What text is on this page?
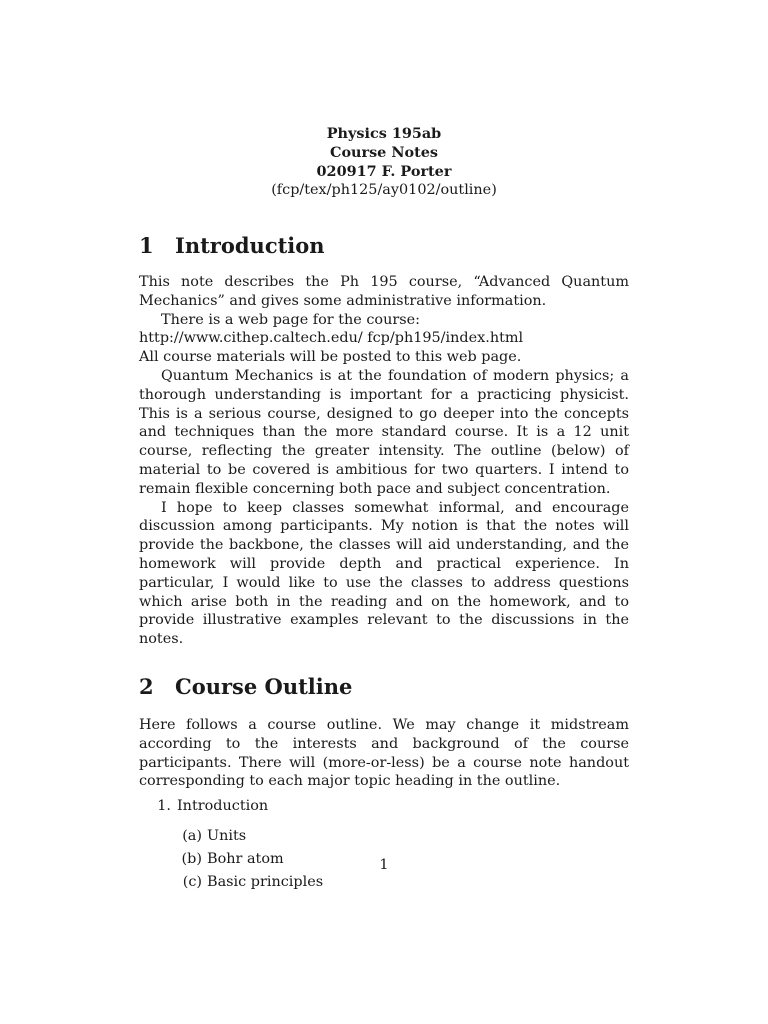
Physics 195ab
Course Notes
020917 F. Porter
(fcp/tex/ph125/ay0102/outline)
1	Introduction

This note describes the Ph 195 course, “Advanced Quantum Mechanics” and gives some administrative information.

There is a web page for the course:

http://www.cithep.caltech.edu/ fcp/ph195/index.html
All course materials will be posted to this web page.

Quantum Mechanics is at the foundation of modern physics; a thorough understanding is important for a practicing physicist. This is a serious course, designed to go deeper into the concepts and techniques than the more standard course. It is a 12 unit course, reflecting the greater intensity. The outline (below) of material to be covered is ambitious for two quarters. I intend to remain flexible concerning both pace and subject concentration.

I hope to keep classes somewhat informal, and encourage discussion among participants. My notion is that the notes will provide the backbone, the classes will aid understanding, and the homework will provide depth and practical experience. In particular, I would like to use the classes to address questions which arise both in the reading and on the homework, and to provide illustrative examples relevant to the discussions in the notes.

2	Course Outline

Here follows a course outline. We may change it midstream according to the interests and background of the course participants. There will (more-or-less) be a course note handout corresponding to each major topic heading in the outline.

1. Introduction
(a) Units
(b) Bohr atom
(c) Basic principles
1
